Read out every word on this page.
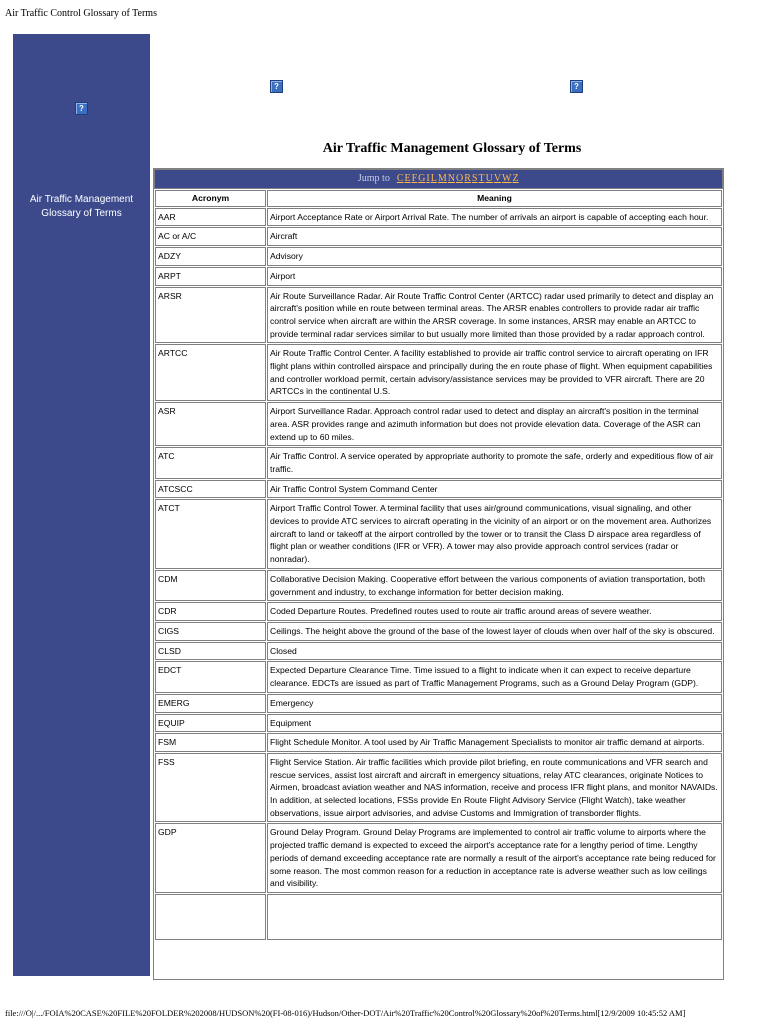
Air Traffic Control Glossary of Terms
?
Air Traffic Management Glossary of Terms
?	?
Air Traffic Management Glossary of Terms
Jump to CEFGILMNORSTUVWZ
Acronym	Meaning
AAR	Airport Acceptance Rate or Airport Arrival Rate. The number of arrivals an airport is capable of accepting each hour.
AC or A/C	Aircraft
ADZY	Advisory
ARPT	Airport
ARSR	Air Route Surveillance Radar. Air Route Traffic Control Center (ARTCC) radar used primarily to detect and display an aircraft's position while en route between terminal areas. The ARSR enables controllers to provide radar air traffic control service when aircraft are within the ARSR coverage. In some instances, ARSR may enable an ARTCC to provide terminal radar services similar to but usually more limited than those provided by a radar approach control.
ARTCC	Air Route Traffic Control Center. A facility established to provide air traffic control service to aircraft operating on IFR flight plans within controlled airspace and principally during the en route phase of flight. When equipment capabilities and controller workload permit, certain advisory/assistance services may be provided to VFR aircraft. There are 20 ARTCCs in the continental U.S.
ASR	Airport Surveillance Radar. Approach control radar used to detect and display an aircraft's position in the terminal area. ASR provides range and azimuth information but does not provide elevation data. Coverage of the ASR can extend up to 60 miles.
ATC	Air Traffic Control. A service operated by appropriate authority to promote the safe, orderly and expeditious flow of air traffic.
ATCSCC	Air Traffic Control System Command Center
ATCT	Airport Traffic Control Tower. A terminal facility that uses air/ground communications, visual signaling, and other devices to provide ATC services to aircraft operating in the vicinity of an airport or on the movement area. Authorizes aircraft to land or takeoff at the airport controlled by the tower or to transit the Class D airspace area regardless of flight plan or weather conditions (IFR or VFR). A tower may also provide approach control services (radar or nonradar).
CDM	Collaborative Decision Making. Cooperative effort between the various components of aviation transportation, both government and industry, to exchange information for better decision making.
CDR	Coded Departure Routes. Predefined routes used to route air traffic around areas of severe weather.
CIGS	Ceilings. The height above the ground of the base of the lowest layer of clouds when over half of the sky is obscured.
CLSD	Closed
EDCT	Expected Departure Clearance Time. Time issued to a flight to indicate when it can expect to receive departure clearance. EDCTs are issued as part of Traffic Management Programs, such as a Ground Delay Program (GDP).
EMERG	Emergency
EQUIP	Equipment
FSM	Flight Schedule Monitor. A tool used by Air Traffic Management Specialists to monitor air traffic demand at airports.
FSS	Flight Service Station. Air traffic facilities which provide pilot briefing, en route communications and VFR search and rescue services, assist lost aircraft and aircraft in emergency situations, relay ATC clearances, originate Notices to Airmen, broadcast aviation weather and NAS information, receive and process IFR flight plans, and monitor NAVAIDs. In addition, at selected locations, FSSs provide En Route Flight Advisory Service (Flight Watch), take weather observations, issue airport advisories, and advise Customs and Immigration of transborder flights.
GDP	Ground Delay Program. Ground Delay Programs are implemented to control air traffic volume to airports where the projected traffic demand is expected to exceed the airport's acceptance rate for a lengthy period of time. Lengthy periods of demand exceeding acceptance rate are normally a result of the airport's acceptance rate being reduced for some reason. The most common reason for a reduction in acceptance rate is adverse weather such as low ceilings and visibility.

file:///O|/.../FOIA%20CASE%20FILE%20FOLDER%202008/HUDSON%20(FI-08-016)/Hudson/Other-DOT/Air%20Traffic%20Control%20Glossary%20of%20Terms.html[12/9/2009 10:45:52 AM]
